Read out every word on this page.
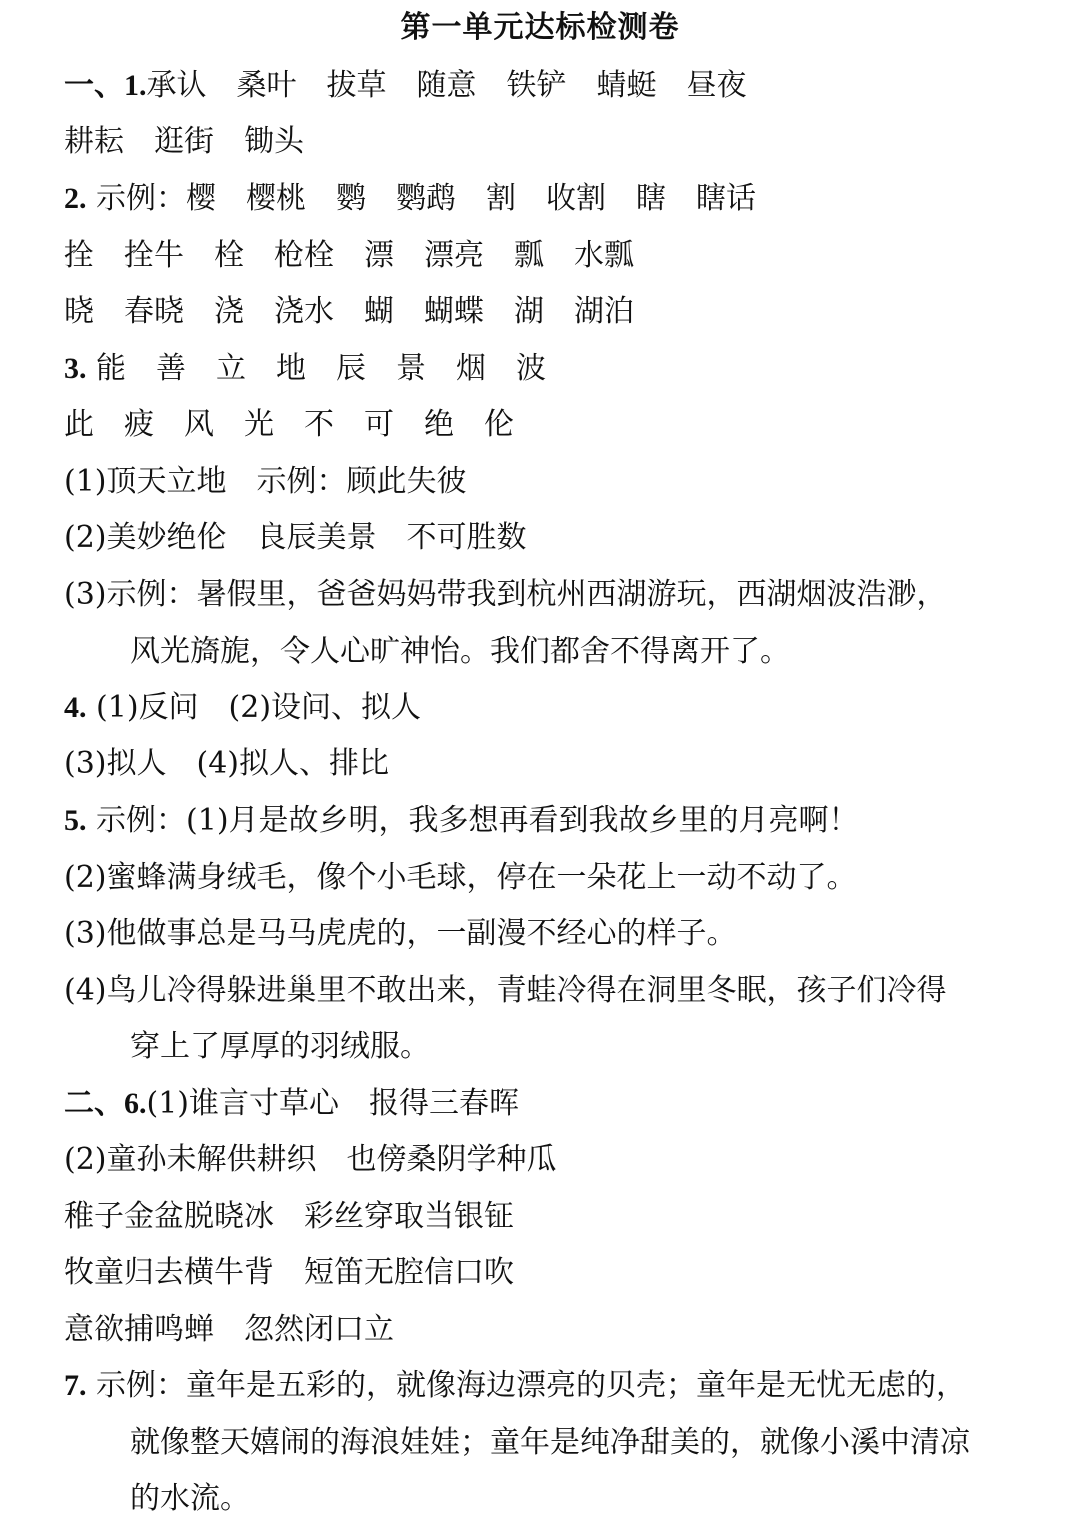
第一单元达标检测卷
一、1.承认　桑叶　拔草　随意　铁铲　蜻蜓　昼夜
耕耘　逛街　锄头
2. 示例：樱　樱桃　鹦　鹦鹉　割　收割　瞎　瞎话
拴　拴牛　栓　枪栓　漂　漂亮　瓢　水瓢
晓　春晓　浇　浇水　蝴　蝴蝶　湖　湖泊
3. 能　善　立　地　辰　景　烟　波
此　疲　风　光　不　可　绝　伦
(1)顶天立地　示例：顾此失彼
(2)美妙绝伦　良辰美景　不可胜数
(3)示例：暑假里，爸爸妈妈带我到杭州西湖游玩，西湖烟波浩渺，
风光旖旎，令人心旷神怡。我们都舍不得离开了。
4. (1)反问　(2)设问、拟人
(3)拟人　(4)拟人、排比
5. 示例：(1)月是故乡明，我多想再看到我故乡里的月亮啊！
(2)蜜蜂满身绒毛，像个小毛球，停在一朵花上一动不动了。
(3)他做事总是马马虎虎的，一副漫不经心的样子。
(4)鸟儿冷得躲进巢里不敢出来，青蛙冷得在洞里冬眠，孩子们冷得
穿上了厚厚的羽绒服。
二、6.(1)谁言寸草心　报得三春晖
(2)童孙未解供耕织　也傍桑阴学种瓜
稚子金盆脱晓冰　彩丝穿取当银钲
牧童归去横牛背　短笛无腔信口吹
意欲捕鸣蝉　忽然闭口立
7. 示例：童年是五彩的，就像海边漂亮的贝壳；童年是无忧无虑的，
就像整天嬉闹的海浪娃娃；童年是纯净甜美的，就像小溪中清凉
的水流。
